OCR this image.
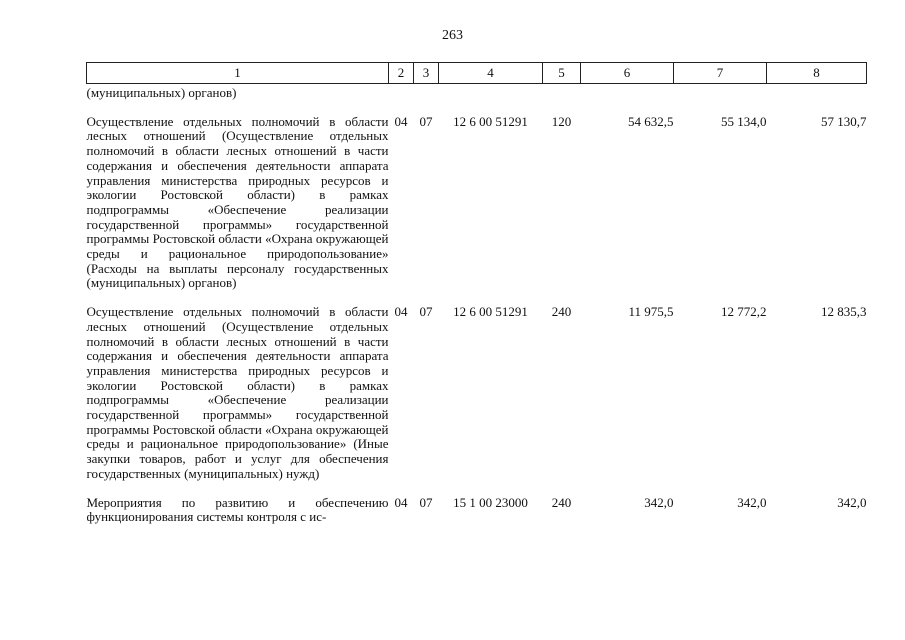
263
1	2	3	4	5	6	7	8
(муниципальных) органов)							
Осуществление отдельных полномочий в области лесных отношений (Осуществление отдельных полномочий в области лесных отношений в части содержания и обеспечения деятельности аппарата управления министерства природных ресурсов и экологии Ростовской области) в рамках подпрограммы «Обеспечение реализации государственной программы» государственной программы Ростовской области «Охрана окружающей среды и рациональное природопользование» (Расходы на выплаты персоналу государственных (муниципальных) органов)	04	07	12 6 00 51291	120	54 632,5	55 134,0	57 130,7
Осуществление отдельных полномочий в области лесных отношений (Осуществление отдельных полномочий в области лесных отношений в части содержания и обеспечения деятельности аппарата управления министерства природных ресурсов и экологии Ростовской области) в рамках подпрограммы «Обеспечение реализации государственной программы» государственной программы Ростовской области «Охрана окружающей среды и рациональное природопользование» (Иные закупки товаров, работ и услуг для обеспечения государственных (муниципальных) нужд)	04	07	12 6 00 51291	240	11 975,5	12 772,2	12 835,3
Мероприятия по развитию и обеспечению функционирования системы контроля с ис-	04	07	15 1 00 23000	240	342,0	342,0	342,0
